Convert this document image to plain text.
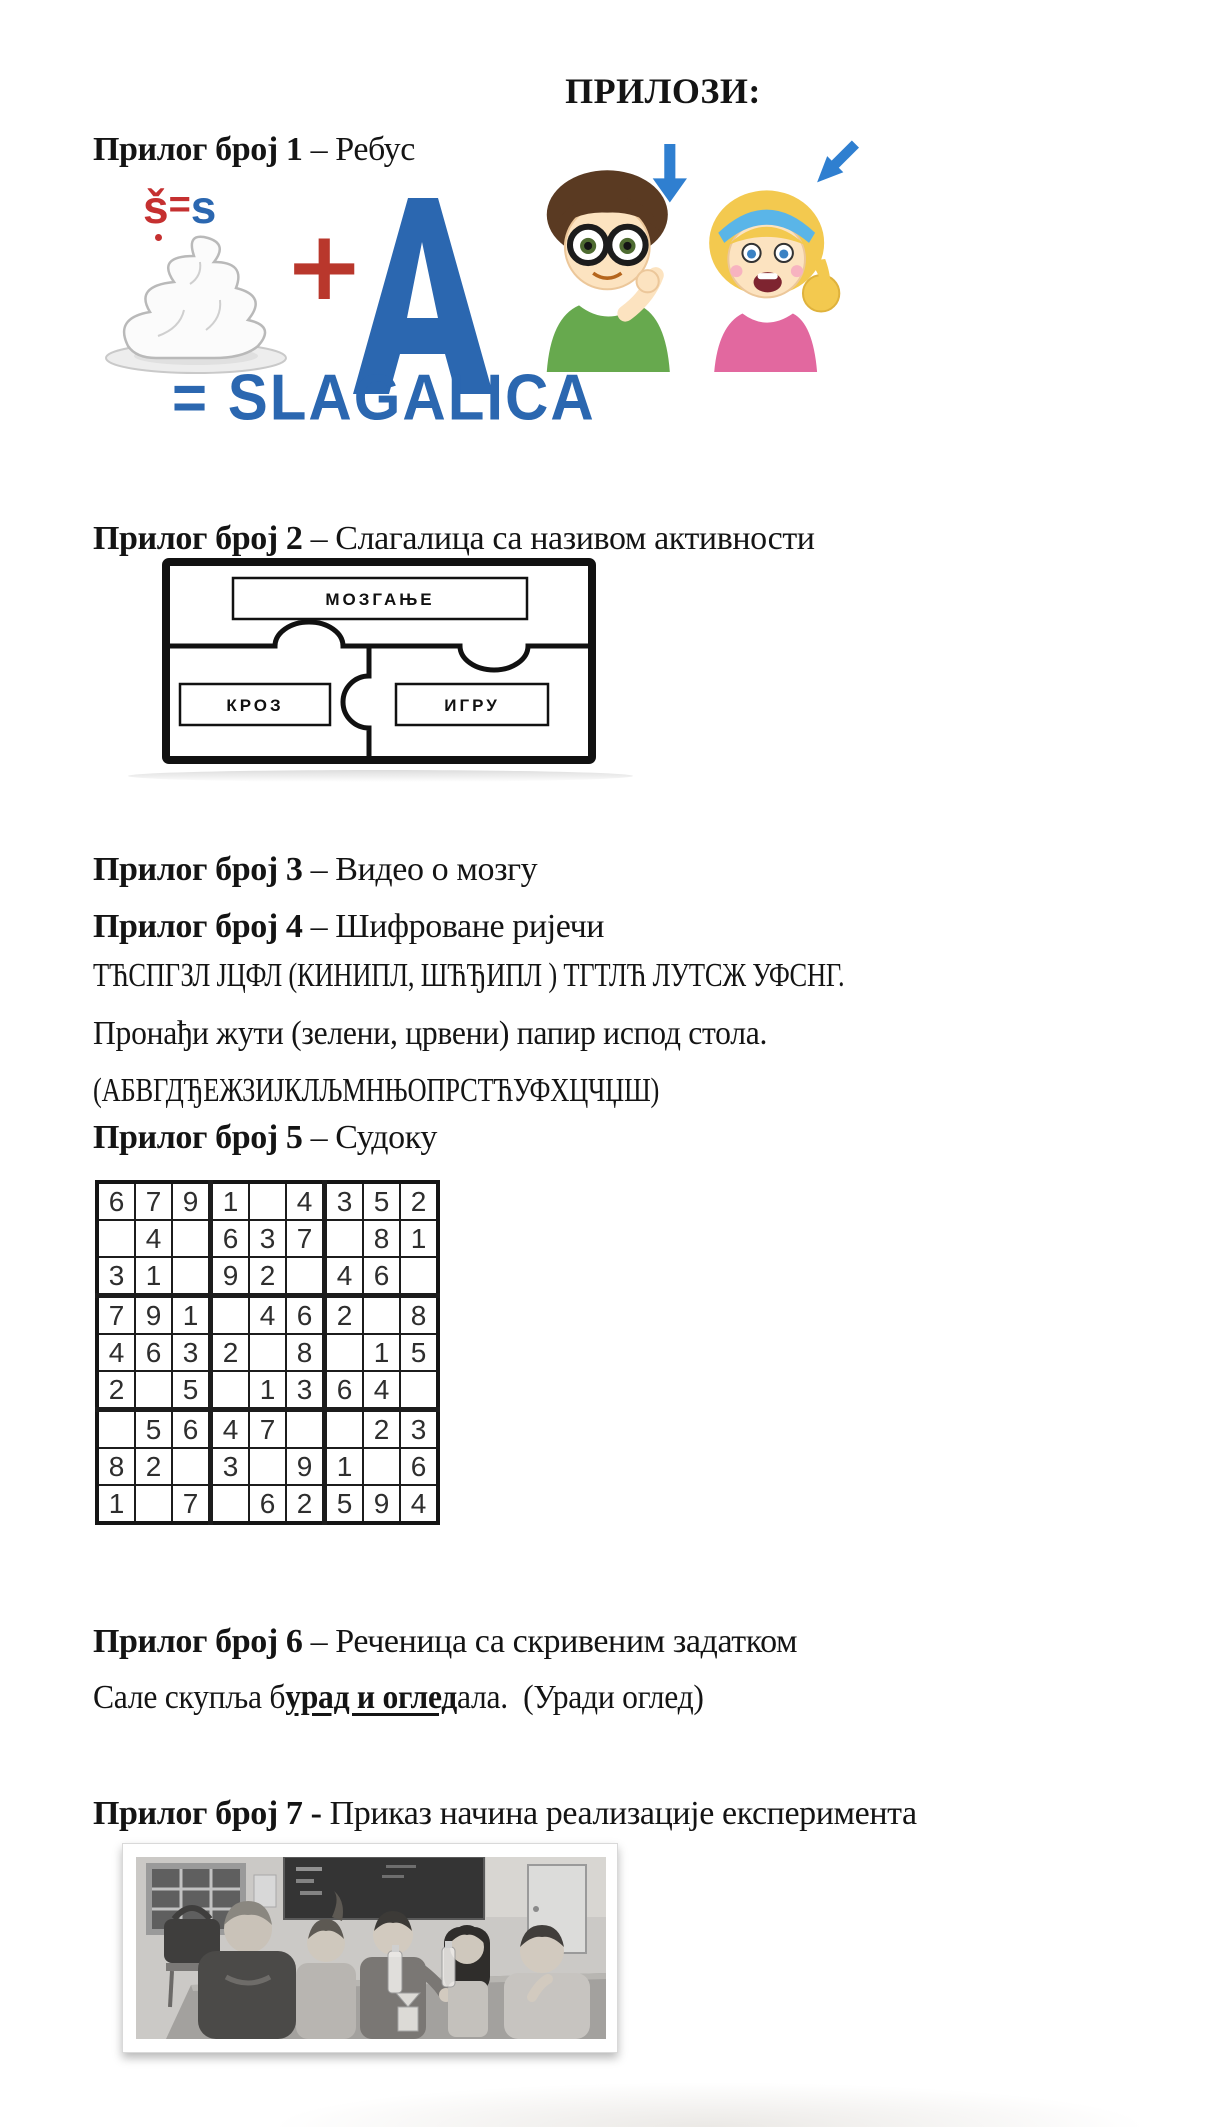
ПРИЛОЗИ:
Прилог број 1 – Ребус
Прилог број 2 – Слагалица са називом активности
Прилог број 3 – Видео о мозгу
Прилог број 4 – Шифроване ријечи
Прилог број 5 – Судоку
Прилог број 6 – Реченица са скривеним задатком
Прилог број 7 - Приказ начина реализације експеримента
š=s
+
= SLAGALICA
МОЗГАЊЕ
КРОЗ	ИГРУ
ТЋСПГЗЛ ЈЦФЛ (КИНИПЛ, ШЋЂИПЛ ) ТГТЛЋ ЛУТСЖ УФСНГ.
Пронађи жути (зелени, црвени) папир испод стола.
(АБВГДЂЕЖЗИЈКЛЉМНЊОПРСТЋУФХЦЧЏШ)
6	7	9	1		4	3	5	2
	4		6	3	7		8	1
3	1		9	2		4	6	
7	9	1		4	6	2		8
4	6	3	2		8		1	5
2		5		1	3	6	4	
	5	6	4	7			2	3
8	2		3		9	1		6
1		7		6	2	5	9	4
Сале скупља бурад и огледала.  (Уради оглед)
